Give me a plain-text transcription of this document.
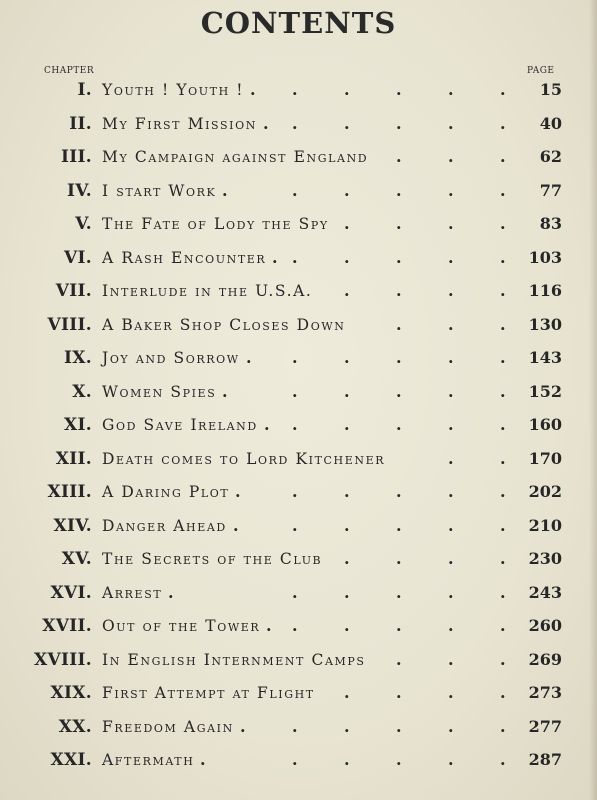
CONTENTS
CHAPTER	PAGE
I. Youth ! Youth ! . .	.	.	.	. 15
II. My First Mission . .	.	.	.	. 40
III. My Campaign against England .	.	. 62
IV. I start Work .	.	.	.	.	. 77
V. The Fate of Lody the Spy .	.	.	. 83
VI. A Rash Encounter . .	.	.	.	. 103
VII. Interlude in the U.S.A. .	.	.	. 116
VIII. A Baker Shop Closes Down	.	.	. 130
IX. Joy and Sorrow .	.	.	.	.	. 143
X. Women Spies .	.	.	.	.	. 152
XI. God Save Ireland . .	.	.	.	. 160
XII. Death comes to Lord Kitchener	.	. 170
XIII. A Daring Plot .	.	.	.	.	. 202
XIV. Danger Ahead .	.	.	.	.	. 210
XV. The Secrets of the Club .	.	.	. 230
XVI. Arrest .	.	.	.	.	. 243
XVII. Out of the Tower . .	.	.	.	. 260
XVIII. In English Internment Camps .	.	. 269
XIX. First Attempt at Flight .	.	.	. 273
XX. Freedom Again .	.	.	.	.	. 277
XXI. Aftermath .	.	.	.	.	. 287
